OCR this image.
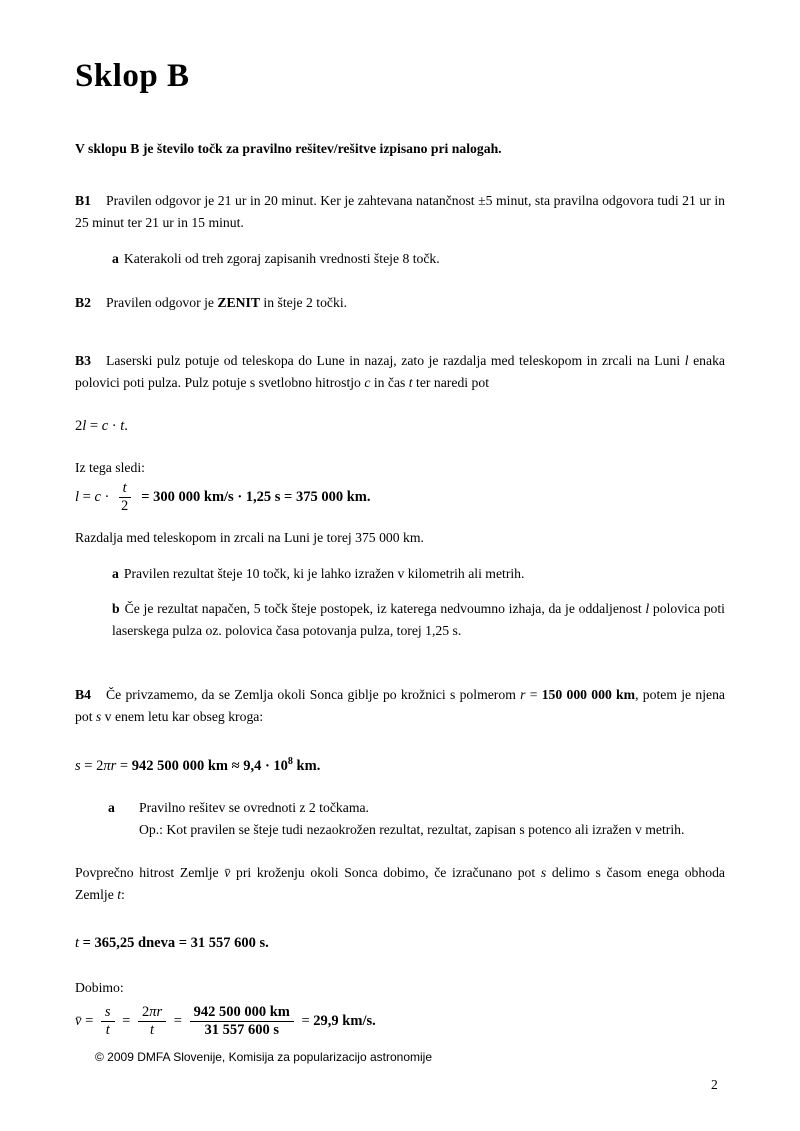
Sklop B
V sklopu B je število točk za pravilno rešitev/rešitve izpisano pri nalogah.
B1 Pravilen odgovor je 21 ur in 20 minut. Ker je zahtevana natančnost ±5 minut, sta pravilna odgovora tudi 21 ur in 25 minut ter 21 ur in 15 minut.
a Katerakoli od treh zgoraj zapisanih vrednosti šteje 8 točk.
B2 Pravilen odgovor je ZENIT in šteje 2 točki.
B3 Laserski pulz potuje od teleskopa do Lune in nazaj, zato je razdalja med teleskopom in zrcali na Luni l enaka polovici poti pulza. Pulz potuje s svetlobno hitrostjo c in čas t ter naredi pot
2l = c · t.
Iz tega sledi:
$l = c \cdot \frac{t}{2} = 300$ 000 km/s · 1,25 s = 375 000 km.
Razdalja med teleskopom in zrcali na Luni je torej 375 000 km.
a Pravilen rezultat šteje 10 točk, ki je lahko izražen v kilometrih ali metrih.
b Če je rezultat napačen, 5 točk šteje postopek, iz katerega nedvoumno izhaja, da je oddaljenost l polovica poti laserskega pulza oz. polovica časa potovanja pulza, torej 1,25 s.
B4 Če privzamemo, da se Zemlja okoli Sonca giblje po krožnici s polmerom r = 150 000 000 km, potem je njena pot s v enem letu kar obseg kroga:
s = 2πr = 942 500 000 km ≈ $9,4 \cdot 10^8$ km.
a	Pravilno rešitev se ovrednoti z 2 točkama.
Op.: Kot pravilen se šteje tudi nezaokrožen rezultat, rezultat, zapisan s potenco ali izražen v metrih.
Povprečno hitrost Zemlje v̄ pri kroženju okoli Sonca dobimo, če izračunano pot s delimo s časom enega obhoda Zemlje t:
t = 365,25 dneva = 31 557 600 s.
Dobimo:
v̄ = $\frac{s}{t} = \frac{2\pi r}{t} = \frac{942 500 000 km}{31 557 600 s} = 29,9$ km/s.
© 2009 DMFA Slovenije, Komisija za popularizacijo astronomije
2
